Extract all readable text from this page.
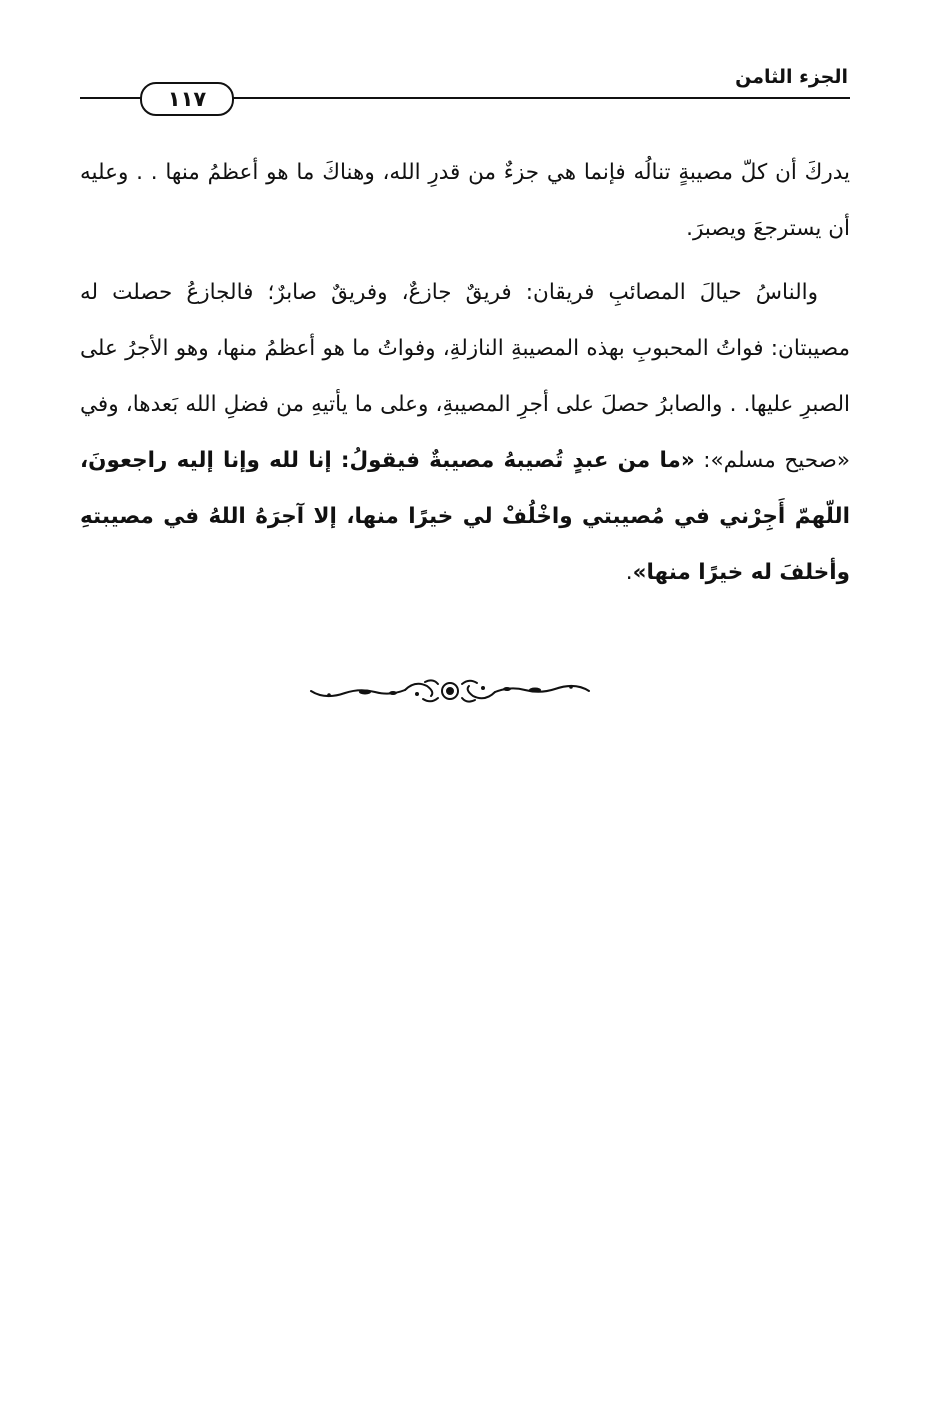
الجزء الثامن
١١٧

يدركَ أن كلّ مصيبةٍ تنالُه فإنما هي جزءٌ من قدرِ الله، وهناكَ ما هو أعظمُ منها . . وعليه أن يسترجعَ ويصبرَ.

والناسُ حيالَ المصائبِ فريقان: فريقٌ جازعٌ، وفريقٌ صابرٌ؛ فالجازعُ حصلت له مصيبتان: فواتُ المحبوبِ بهذه المصيبةِ النازلةِ، وفواتُ ما هو أعظمُ منها، وهو الأجرُ على الصبرِ عليها. . والصابرُ حصلَ على أجرِ المصيبةِ، وعلى ما يأتيهِ من فضلِ الله بَعدها، وفي «صحيح مسلم»: «ما من عبدٍ تُصيبهُ مصيبةٌ فيقولُ: إنا لله وإنا إليه راجعونَ، اللّهمّ أَجِرْني في مُصيبتي واخْلُفْ لي خيرًا منها، إلا آجرَهُ اللهُ في مصيبتهِ وأخلفَ له خيرًا منها».
